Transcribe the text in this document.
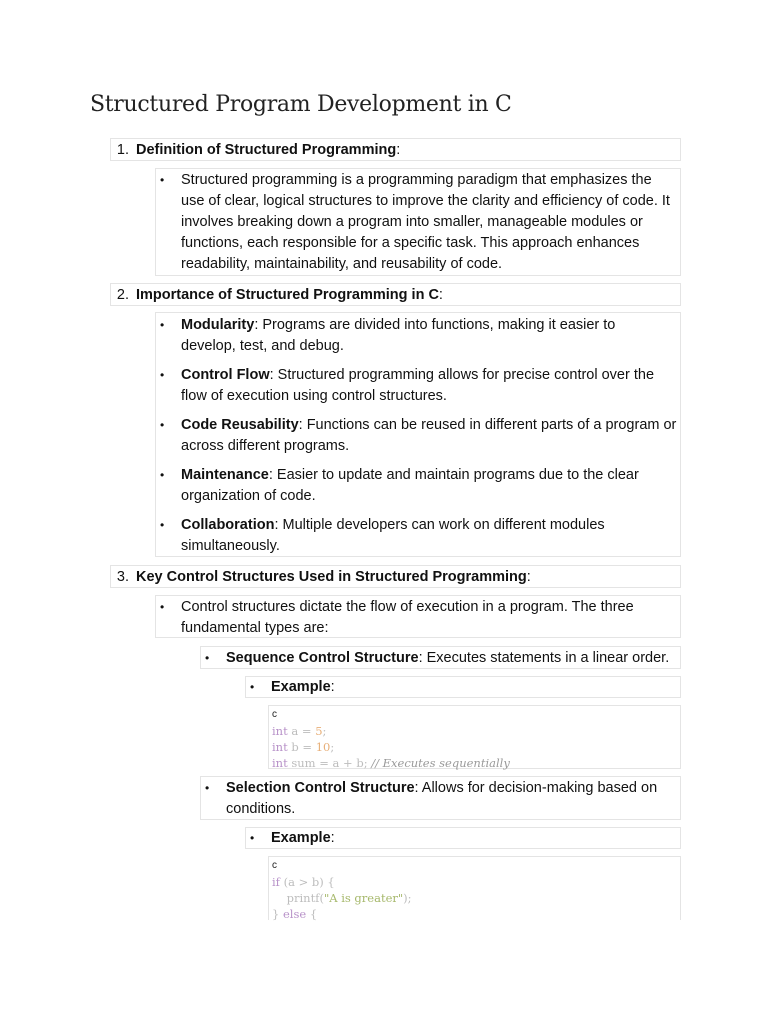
Structured Program Development in C
1. Definition of Structured Programming:
• Structured programming is a programming paradigm that emphasizes the use of clear, logical structures to improve the clarity and efficiency of code. It involves breaking down a program into smaller, manageable modules or functions, each responsible for a specific task. This approach enhances readability, maintainability, and reusability of code.
2. Importance of Structured Programming in C:
• Modularity: Programs are divided into functions, making it easier to develop, test, and debug.
• Control Flow: Structured programming allows for precise control over the flow of execution using control structures.
• Code Reusability: Functions can be reused in different parts of a program or across different programs.
• Maintenance: Easier to update and maintain programs due to the clear organization of code.
• Collaboration: Multiple developers can work on different modules simultaneously.
3. Key Control Structures Used in Structured Programming:
• Control structures dictate the flow of execution in a program. The three fundamental types are:
• Sequence Control Structure: Executes statements in a linear order.
• Example:
c
int a = 5;
int b = 10;
int sum = a + b; // Executes sequentially
• Selection Control Structure: Allows for decision-making based on conditions.
• Example:
c
if (a > b) {
printf("A is greater");
} else {
